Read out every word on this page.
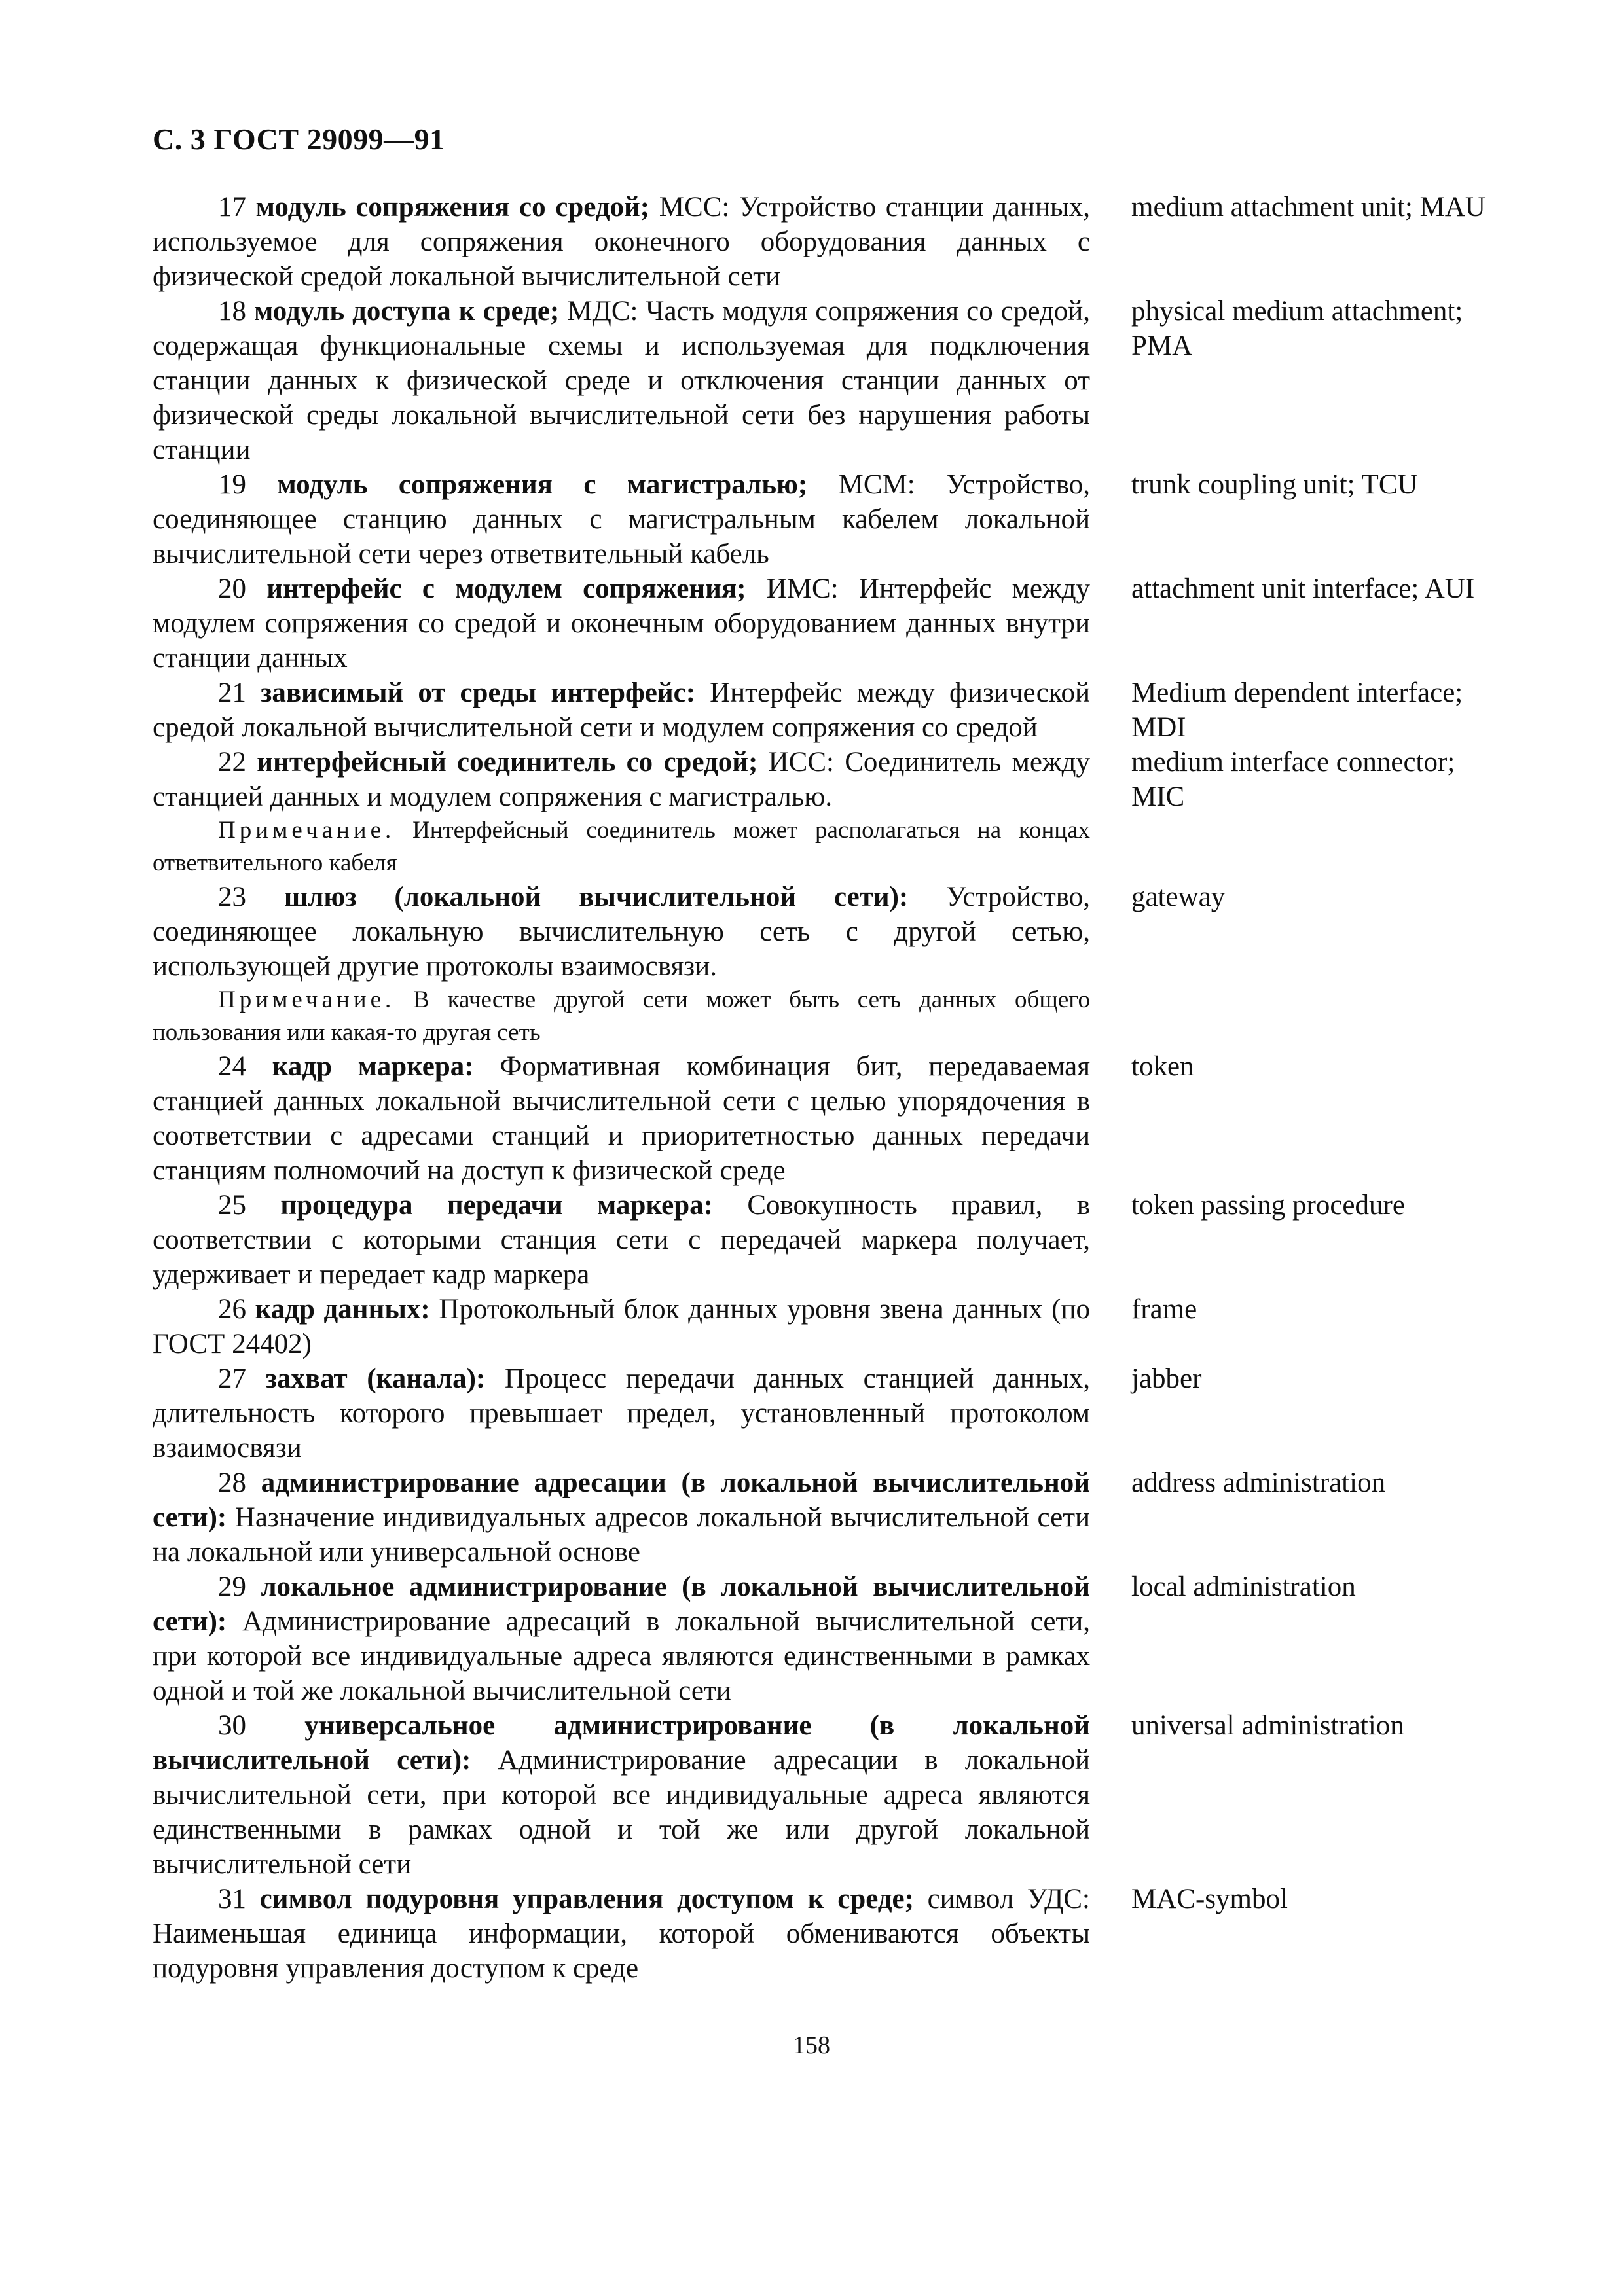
С. 3 ГОСТ 29099—91
17 модуль сопряжения со средой; МСС: Устройство станции данных, используемое для сопряжения оконечного оборудования данных с физической средой локальной вычислительной сети
medium attachment unit; MAU
18 модуль доступа к среде; МДС: Часть модуля сопряжения со средой, содержащая функциональные схемы и используемая для подключения станции данных к физической среде и отключения станции данных от физической среды локальной вычислительной сети без нарушения работы станции
physical medium attachment; PMA
19 модуль сопряжения с магистралью; МСМ: Устройство, соединяющее станцию данных с магистральным кабелем локальной вычислительной сети через ответвительный кабель
trunk coupling unit; TCU
20 интерфейс с модулем сопряжения; ИМС: Интерфейс между модулем сопряжения со средой и оконечным оборудованием данных внутри станции данных
attachment unit interface; AUI
21 зависимый от среды интерфейс: Интерфейс между физической средой локальной вычислительной сети и модулем сопряжения со средой
Medium dependent interface; MDI
22 интерфейсный соединитель со средой; ИСС: Соединитель между станцией данных и модулем сопряжения с магистралью.
medium interface connector; MIC
Примечание. Интерфейсный соединитель может располагаться на концах ответвительного кабеля
23 шлюз (локальной вычислительной сети): Устройство, соединяющее локальную вычислительную сеть с другой сетью, использующей другие протоколы взаимосвязи.
gateway
Примечание. В качестве другой сети может быть сеть данных общего пользования или какая-то другая сеть
24 кадр маркера: Формативная комбинация бит, передаваемая станцией данных локальной вычислительной сети с целью упорядочения в соответствии с адресами станций и приоритетностью данных передачи станциям полномочий на доступ к физической среде
token
25 процедура передачи маркера: Совокупность правил, в соответствии с которыми станция сети с передачей маркера получает, удерживает и передает кадр маркера
token passing procedure
26 кадр данных: Протокольный блок данных уровня звена данных (по ГОСТ 24402)
frame
27 захват (канала): Процесс передачи данных станцией данных, длительность которого превышает предел, установленный протоколом взаимосвязи
jabber
28 администрирование адресации (в локальной вычислительной сети): Назначение индивидуальных адресов локальной вычислительной сети на локальной или универсальной основе
address administration
29 локальное администрирование (в локальной вычислительной сети): Администрирование адресаций в локальной вычислительной сети, при которой все индивидуальные адреса являются единственными в рамках одной и той же локальной вычислительной сети
local administration
30 универсальное администрирование (в локальной вычислительной сети): Администрирование адресации в локальной вычислительной сети, при которой все индивидуальные адреса являются единственными в рамках одной и той же или другой локальной вычислительной сети
universal administration
31 символ подуровня управления доступом к среде; символ УДС: Наименьшая единица информации, которой обмениваются объекты подуровня управления доступом к среде
MAC-symbol
158
